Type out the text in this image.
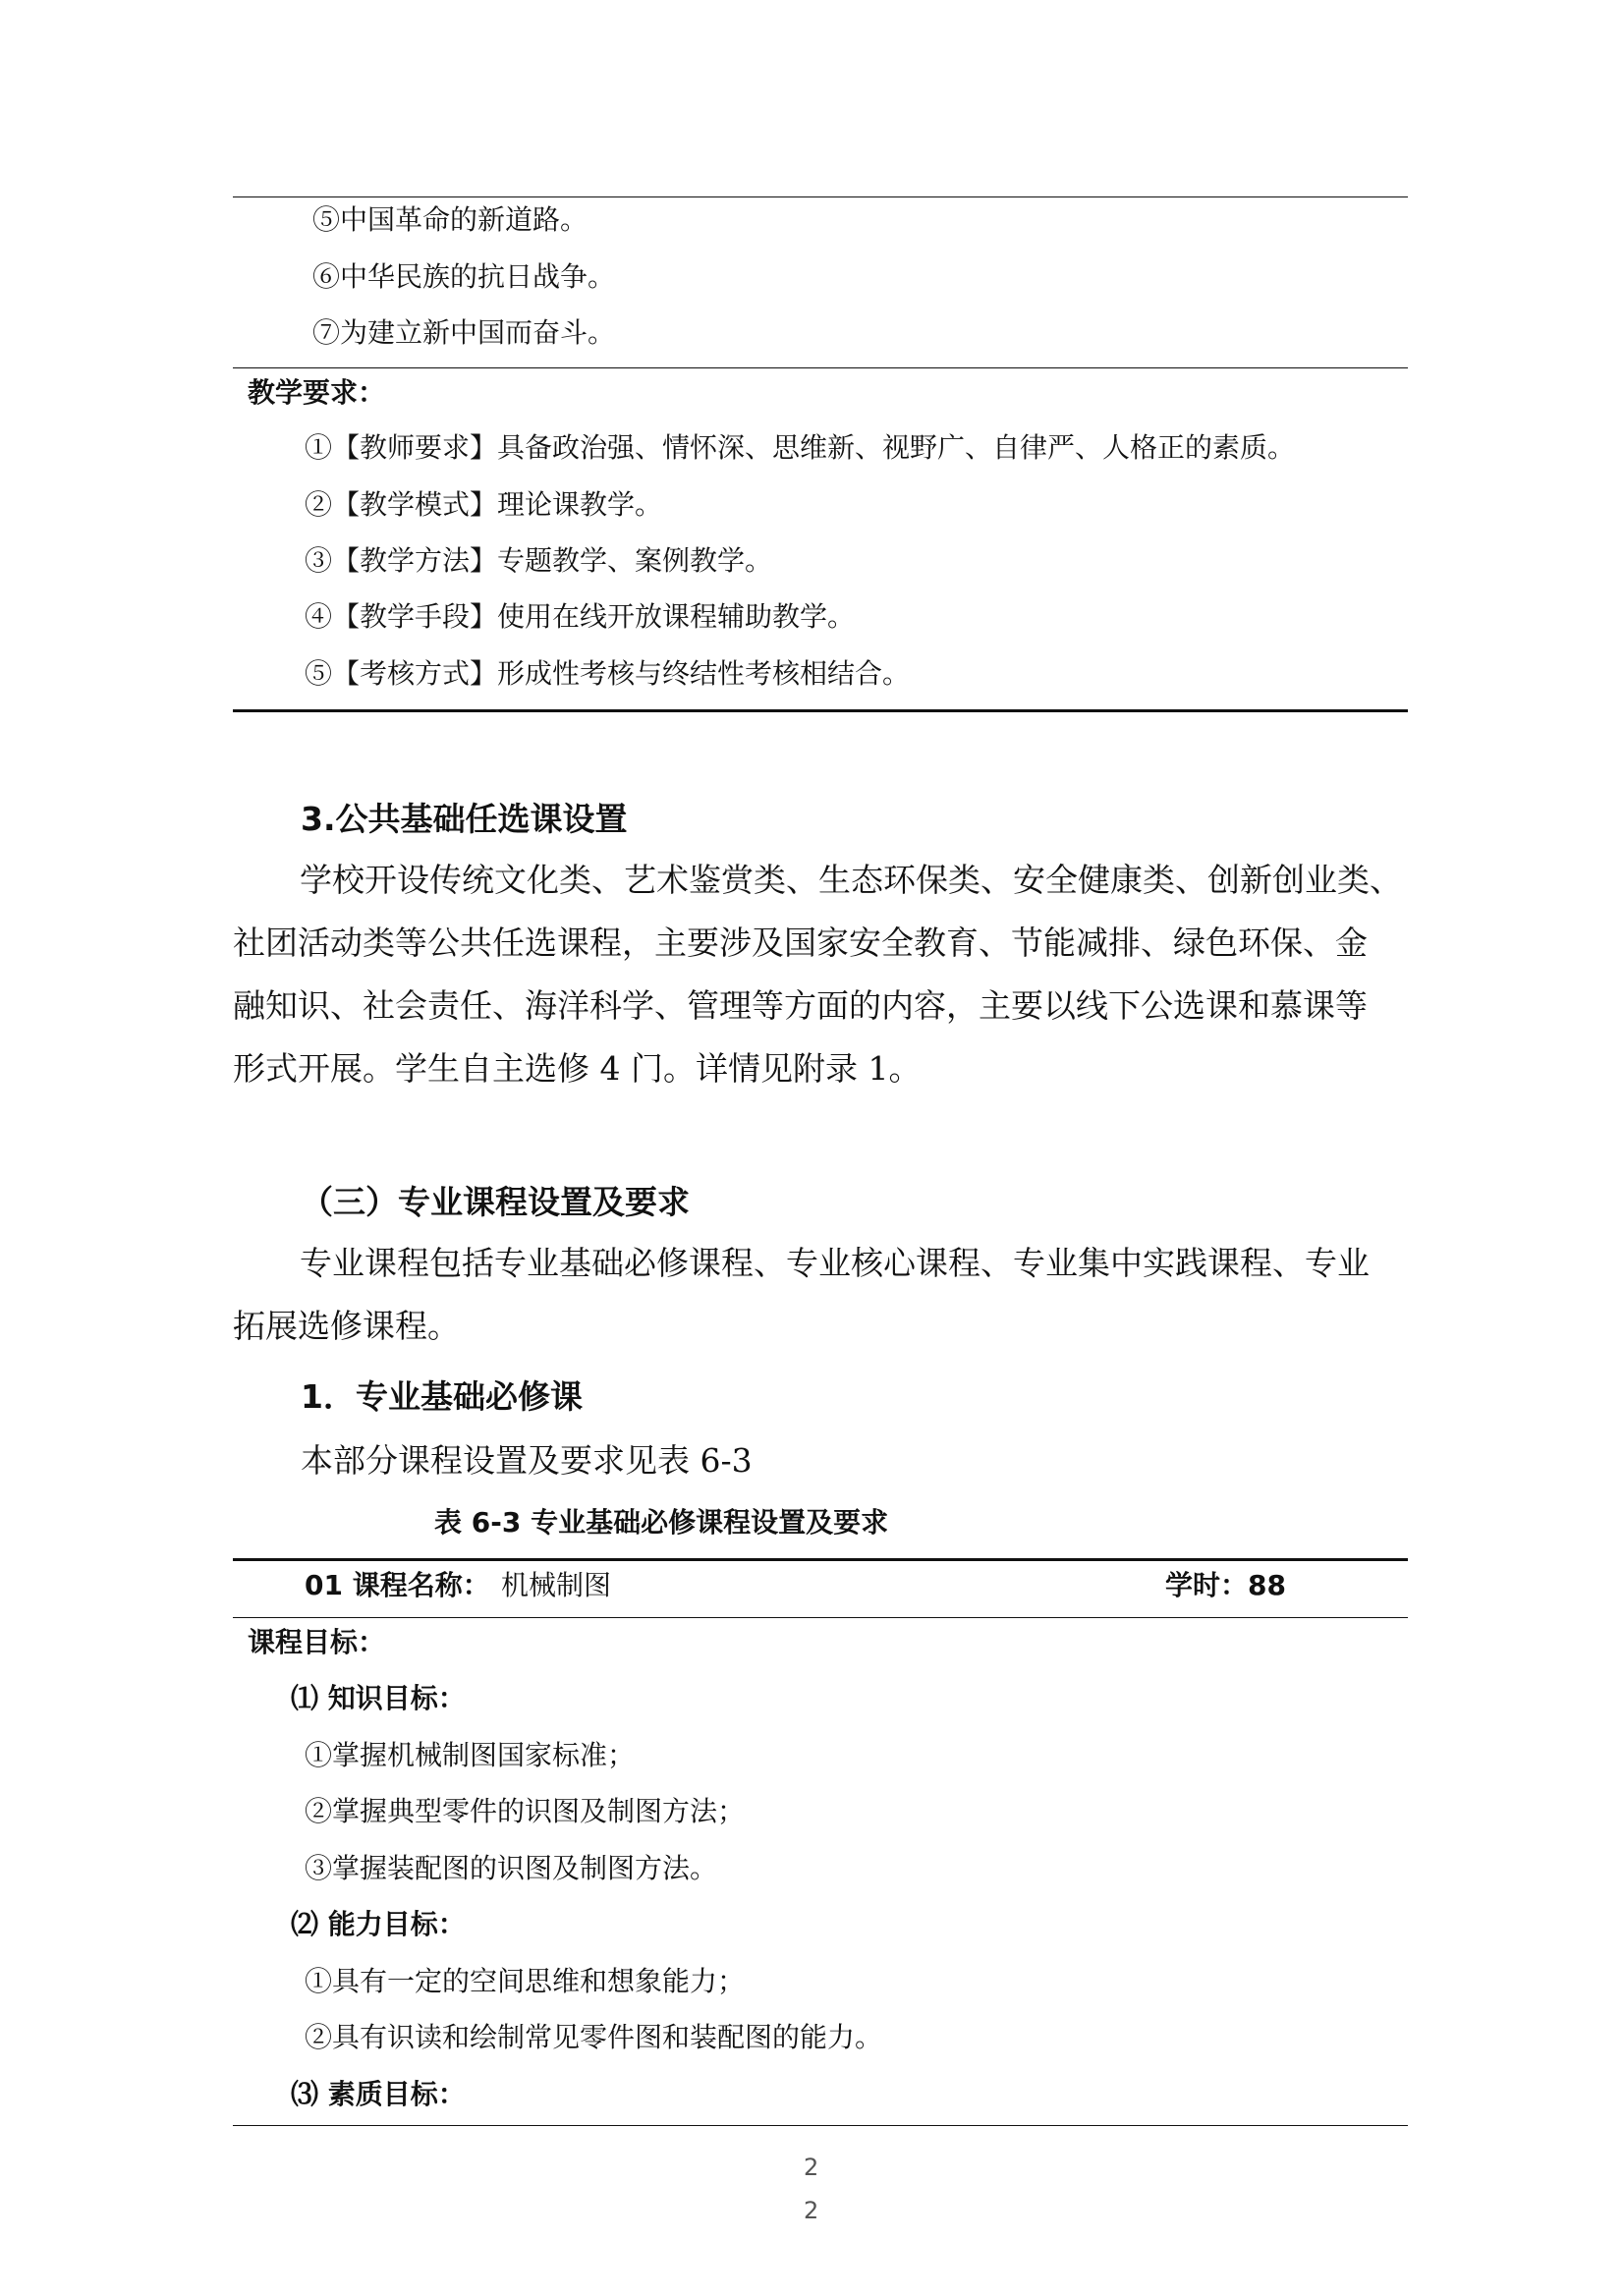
⑤中国革命的新道路。
⑥中华民族的抗日战争。
⑦为建立新中国而奋斗。
教学要求：
①【教师要求】具备政治强、情怀深、思维新、视野广、自律严、人格正的素质。
②【教学模式】理论课教学。
③【教学方法】专题教学、案例教学。
④【教学手段】使用在线开放课程辅助教学。
⑤【考核方式】形成性考核与终结性考核相结合。
3.公共基础任选课设置
学校开设传统文化类、艺术鉴赏类、生态环保类、安全健康类、创新创业类、
社团活动类等公共任选课程，主要涉及国家安全教育、节能减排、绿色环保、金
融知识、社会责任、海洋科学、管理等方面的内容，主要以线下公选课和慕课等
形式开展。学生自主选修 4 门。详情见附录 1。
（三）专业课程设置及要求
专业课程包括专业基础必修课程、专业核心课程、专业集中实践课程、专业
拓展选修课程。
1．专业基础必修课
本部分课程设置及要求见表 6-3
表 6-3 专业基础必修课程设置及要求
01 课程名称： 机械制图	学时：88
课程目标：
⑴ 知识目标：
①掌握机械制图国家标准；
②掌握典型零件的识图及制图方法；
③掌握装配图的识图及制图方法。
⑵ 能力目标：
①具有一定的空间思维和想象能力；
②具有识读和绘制常见零件图和装配图的能力。
⑶ 素质目标：
2
2
